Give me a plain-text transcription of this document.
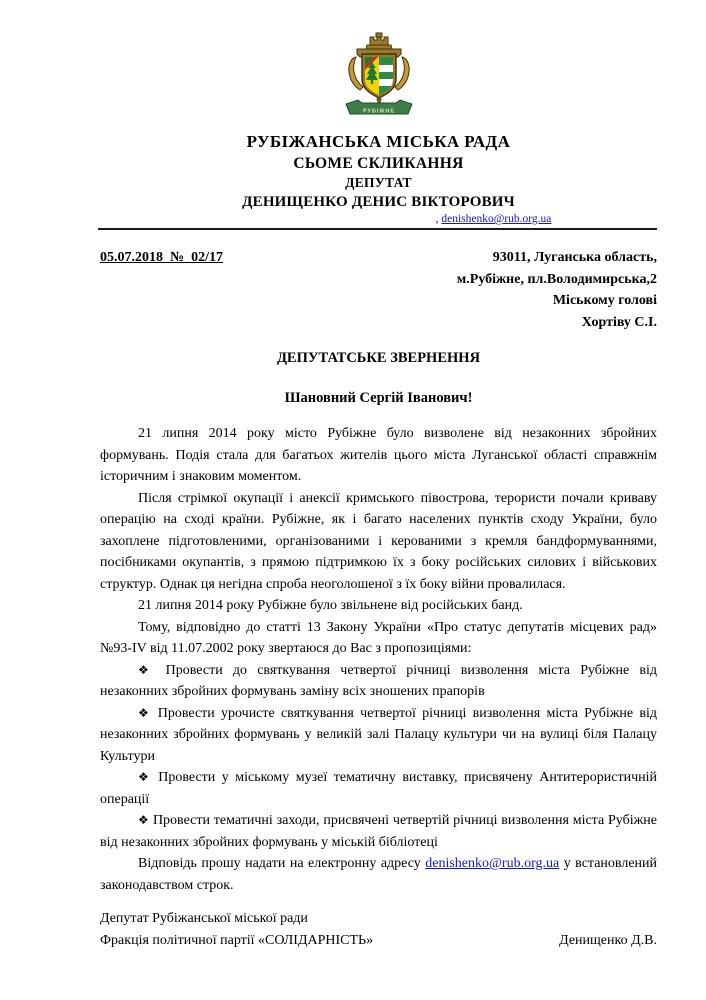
РУБІЖНЕ
РУБІЖАНСЬКА МІСЬКА РАДА
СЬОМЕ СКЛИКАННЯ
ДЕПУТАТ
ДЕНИЩЕНКО ДЕНИС ВІКТОРОВИЧ
, denishenko@rub.org.ua
05.07.2018  №  02/17	93011, Луганська область,
м.Рубіжне, пл.Володимирська,2
Міському голові
Хортіву С.І.
ДЕПУТАТСЬКЕ ЗВЕРНЕННЯ
Шановний Сергій Іванович!

21 липня 2014 року місто Рубіжне було визволене від незаконних збройних формувань. Подія стала для багатьох жителів цього міста Луганської області справжнім історичним і знаковим моментом.

Після стрімкої окупації і анексії кримського півострова, терористи почали криваву операцію на сході країни. Рубіжне, як і багато населених пунктів сходу України, було захоплене підготовленими, організованими і керованими з кремля бандформуваннями, посібниками окупантів, з прямою підтримкою їх з боку російських силових і військових структур. Однак ця негідна спроба неоголошеної з їх боку війни провалилася.

21 липня 2014 року Рубіжне було звільнене від російських банд.

Тому, відповідно до статті 13 Закону України «Про статус депутатів місцевих рад» №93-IV від 11.07.2002 року звертаюся до Вас з пропозиціями:

❖ Провести до святкування четвертої річниці визволення міста Рубіжне від незаконних збройних формувань заміну всіх зношених прапорів

❖ Провести урочисте святкування четвертої річниці визволення міста Рубіжне від незаконних збройних формувань у великій залі Палацу культури чи на вулиці біля Палацу Культури

❖ Провести у міському музеї тематичну виставку, присвячену Антитерористичній операції

❖ Провести тематичні заходи, присвячені четвертій річниці визволення міста Рубіжне від незаконних збройних формувань у міській бібліотеці

Відповідь прошу надати на електронну адресу denishenko@rub.org.ua у встановлений законодавством строк.

Депутат Рубіжанської міської ради
Фракція політичної партії «СОЛІДАРНІСТЬ»	Денищенко Д.В.
